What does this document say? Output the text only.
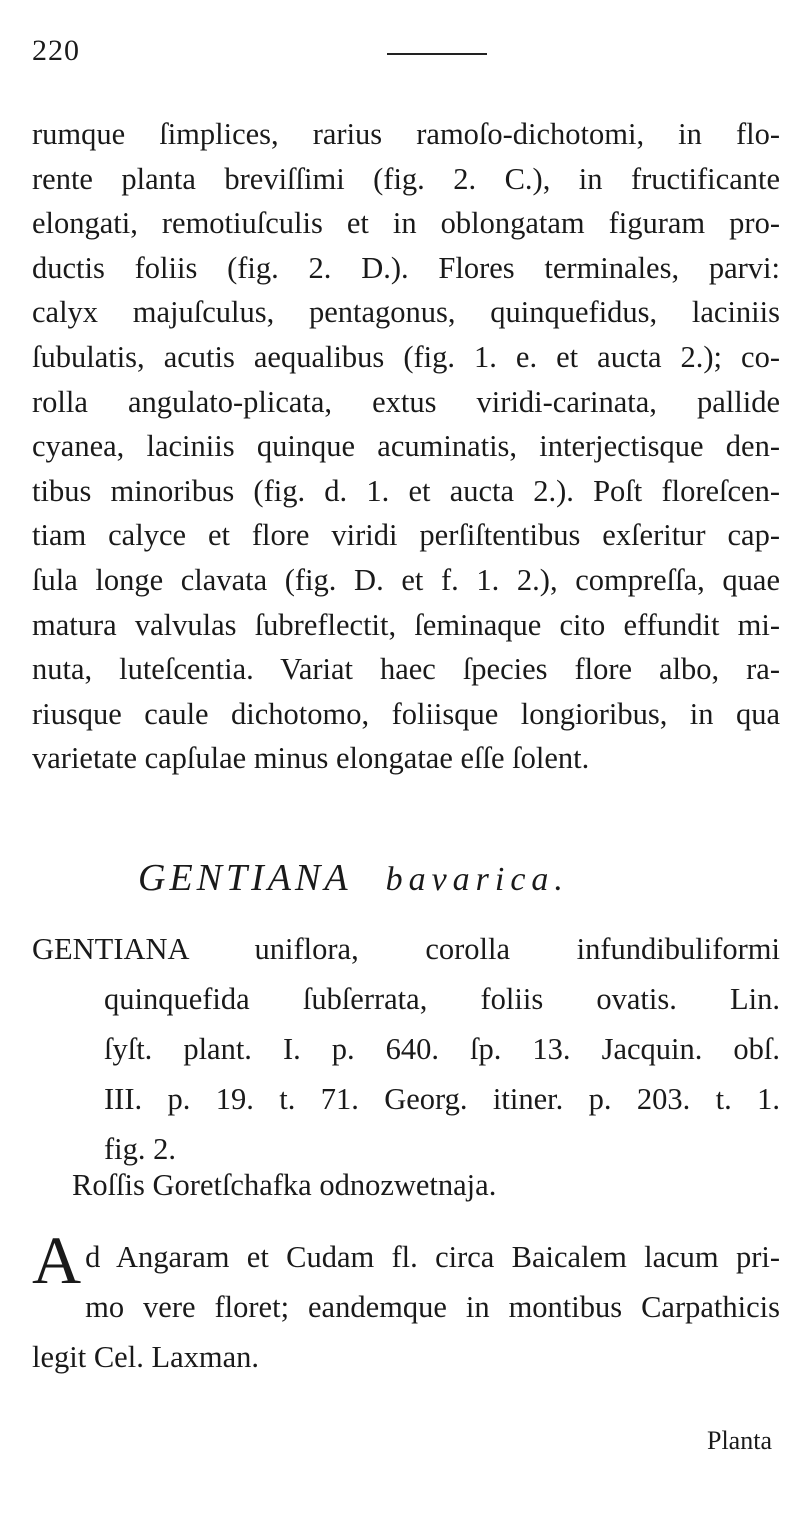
220
rumque ſimplices, rarius ramoſo-dichotomi, in flo-
rente planta breviſſimi (fig. 2. C.), in fructificante
elongati, remotiuſculis et in oblongatam figuram pro-
ductis foliis (fig. 2. D.). Flores terminales, parvi:
calyx majuſculus, pentagonus, quinquefidus, laciniis
ſubulatis, acutis aequalibus (fig. 1. e. et aucta 2.); co-
rolla angulato-plicata, extus viridi-carinata, pallide
cyanea, laciniis quinque acuminatis, interjectisque den-
tibus minoribus (fig. d. 1. et aucta 2.). Poſt floreſcen-
tiam calyce et flore viridi perſiſtentibus exſeritur cap-
ſula longe clavata (fig. D. et f. 1. 2.), compreſſa, quae
matura valvulas ſubreflectit, ſeminaque cito effundit mi-
nuta, luteſcentia. Variat haec ſpecies flore albo, ra-
riusque caule dichotomo, foliisque longioribus, in qua
varietate capſulae minus elongatae eſſe ſolent.
GENTIANA bavarica.
GENTIANA uniflora, corolla infundibuliformi
quinquefida ſubſerrata, foliis ovatis. Lin.
ſyſt. plant. I. p. 640. ſp. 13. Jacquin. obſ.
III. p. 19. t. 71. Georg. itiner. p. 203. t. 1.
fig. 2.
Roſſis Goretſchafka odnozwetnaja.
A d Angaram et Cudam fl. circa Baicalem lacum pri-
mo vere floret; eandemque in montibus Carpathicis
legit Cel. Laxman.
Planta
